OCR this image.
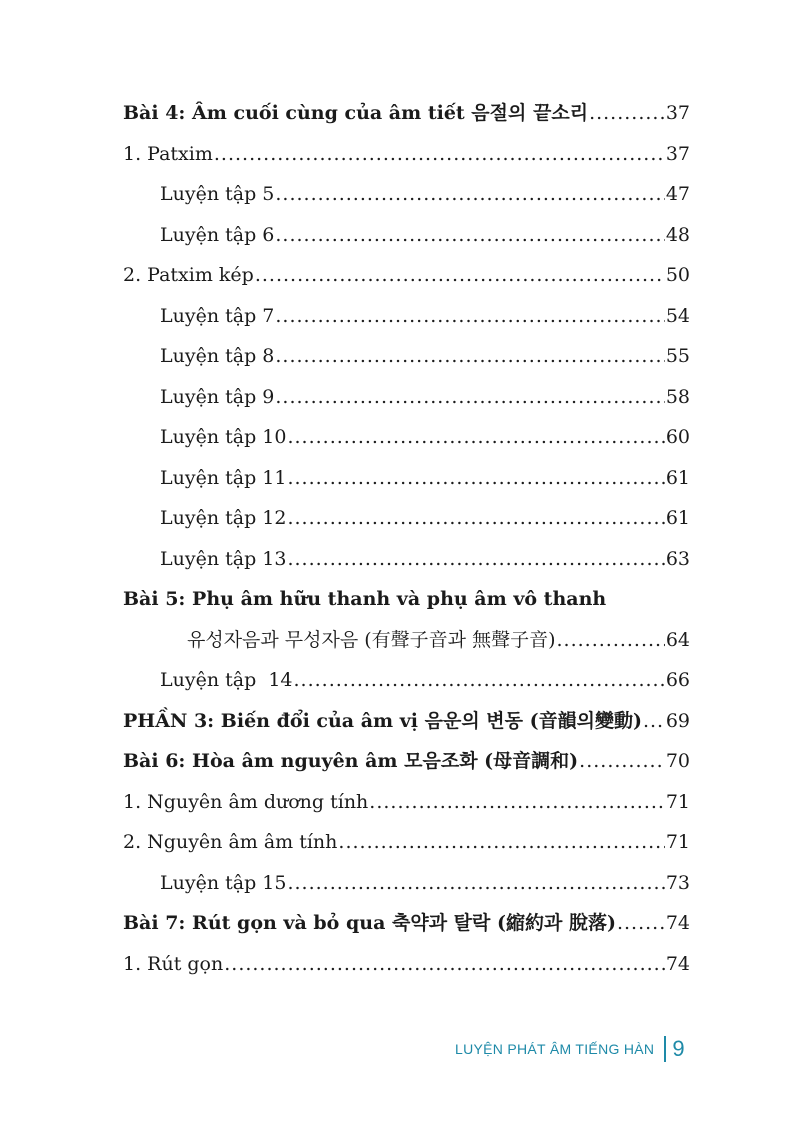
Bài 4: Âm cuối cùng của âm tiết 음절의 끝소리 .....	37
1. Patxim .....	37
Luyện tập 5 .....	47
Luyện tập 6 .....	48
2. Patxim kép .....	50
Luyện tập 7 .....	54
Luyện tập 8 .....	55
Luyện tập 9 .....	58
Luyện tập 10 .....	60
Luyện tập 11 .....	61
Luyện tập 12 .....	61
Luyện tập 13 .....	63
Bài 5: Phụ âm hữu thanh và phụ âm vô thanh
유성자음과 무성자음 (有聲子音과 無聲子音) .....	64
Luyện tập  14 .....	66
PHẦN 3: Biến đổi của âm vị 음운의 변동 (音韻의變動) ..... 69
Bài 6: Hòa âm nguyên âm 모음조화 (母音調和) .....	70
1. Nguyên âm dương tính .....	71
2. Nguyên âm âm tính .....	71
Luyện tập 15 .....	73
Bài 7: Rút gọn và bỏ qua 축약과 탈락 (縮約과 脫落) .....	74
1. Rút gọn .....	74
LUYỆN PHÁT ÂM TIẾNG HÀN 9
